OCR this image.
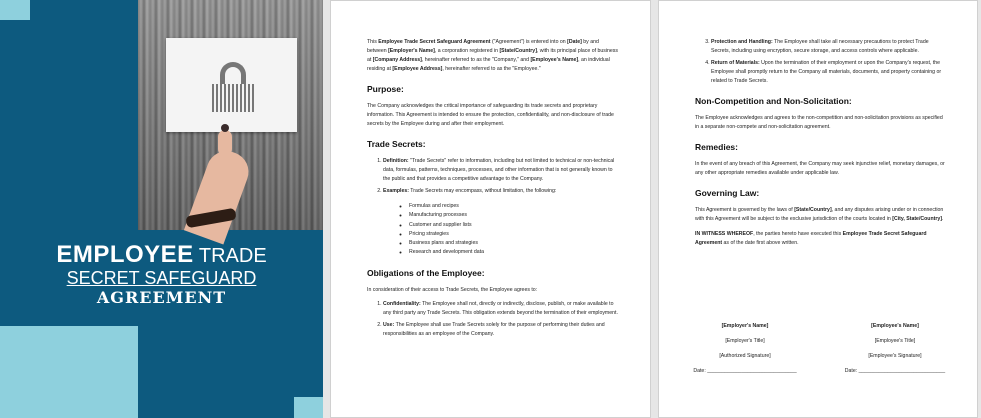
EMPLOYEE TRADE
SECRET SAFEGUARD
AGREEMENT

This Employee Trade Secret Safeguard Agreement ("Agreement") is entered into on [Date] by and between [Employer's Name], a corporation registered in [State/Country], with its principal place of business at [Company Address], hereinafter referred to as the "Company," and [Employee's Name], an individual residing at [Employee Address], hereinafter referred to as the "Employee."

Purpose:

The Company acknowledges the critical importance of safeguarding its trade secrets and proprietary information. This Agreement is intended to ensure the protection, confidentiality, and non-disclosure of trade secrets by the Employee during and after their employment.

Trade Secrets:
1. Definition: "Trade Secrets" refer to information, including but not limited to technical or non-technical data, formulas, patterns, techniques, processes, and other information that is not generally known to the public and that provides a competitive advantage to the Company.
2. Examples: Trade Secrets may encompass, without limitation, the following:
◦ Formulas and recipes
◦ Manufacturing processes
◦ Customer and supplier lists
◦ Pricing strategies
◦ Business plans and strategies
◦ Research and development data
Obligations of the Employee:

In consideration of their access to Trade Secrets, the Employee agrees to:

1. Confidentiality: The Employee shall not, directly or indirectly, disclose, publish, or make available to any third party any Trade Secrets. This obligation extends beyond the termination of their employment.
2. Use: The Employee shall use Trade Secrets solely for the purpose of performing their duties and responsibilities as an employee of the Company.
3. Protection and Handling: The Employee shall take all necessary precautions to protect Trade Secrets, including using encryption, secure storage, and access controls where applicable.
4. Return of Materials: Upon the termination of their employment or upon the Company's request, the Employee shall promptly return to the Company all materials, documents, and property containing or related to Trade Secrets.
Non-Competition and Non-Solicitation:

The Employee acknowledges and agrees to the non-competition and non-solicitation provisions as specified in a separate non-compete and non-solicitation agreement.

Remedies:

In the event of any breach of this Agreement, the Company may seek injunctive relief, monetary damages, or any other appropriate remedies available under applicable law.

Governing Law:

This Agreement is governed by the laws of [State/Country], and any disputes arising under or in connection with this Agreement will be subject to the exclusive jurisdiction of the courts located in [City, State/Country].

IN WITNESS WHEREOF, the parties hereto have executed this Employee Trade Secret Safeguard Agreement as of the date first above written.

[Employer's Name]
[Employer's Title]
[Authorized Signature]
Date: _______________________________
[Employee's Name]
[Employee's Title]
[Employee's Signature]
Date: ______________________________
